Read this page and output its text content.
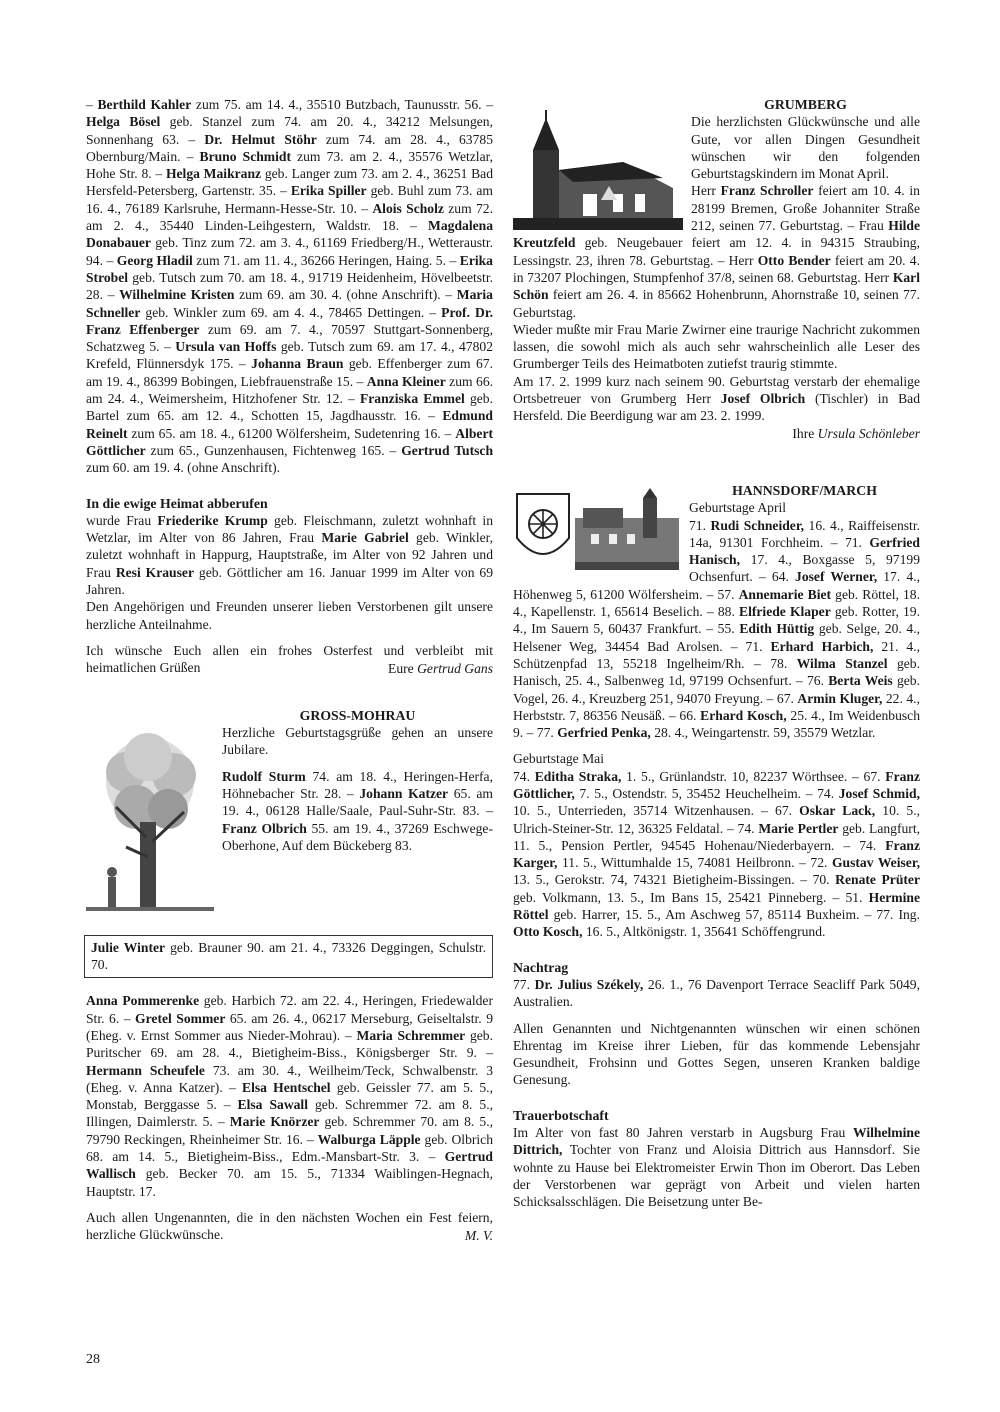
– Berthild Kahler zum 75. am 14. 4., 35510 Butzbach, Taunusstr. 56. – Helga Bösel geb. Stanzel zum 74. am 20. 4., 34212 Melsungen, Sonnenhang 63. – Dr. Helmut Stöhr zum 74. am 28. 4., 63785 Obernburg/Main. – Bruno Schmidt zum 73. am 2. 4., 35576 Wetzlar, Hohe Str. 8. – Helga Maikranz geb. Langer zum 73. am 2. 4., 36251 Bad Hersfeld-Petersberg, Gartenstr. 35. – Erika Spiller geb. Buhl zum 73. am 16. 4., 76189 Karlsruhe, Hermann-Hesse-Str. 10. – Alois Scholz zum 72. am 2. 4., 35440 Linden-Leihgestern, Waldstr. 18. – Magdalena Donabauer geb. Tinz zum 72. am 3. 4., 61169 Friedberg/H., Wetteraustr. 94. – Georg Hladil zum 71. am 11. 4., 36266 Heringen, Haing. 5. – Erika Strobel geb. Tutsch zum 70. am 18. 4., 91719 Heidenheim, Hövelbeetstr. 28. – Wilhelmine Kristen zum 69. am 30. 4. (ohne Anschrift). – Maria Schneller geb. Winkler zum 69. am 4. 4., 78465 Dettingen. – Prof. Dr. Franz Effenberger zum 69. am 7. 4., 70597 Stuttgart-Sonnenberg, Schatzweg 5. – Ursula van Hoffs geb. Tutsch zum 69. am 17. 4., 47802 Krefeld, Flünnersdyk 175. – Johanna Braun geb. Effenberger zum 67. am 19. 4., 86399 Bobingen, Liebfrauenstraße 15. – Anna Kleiner zum 66. am 24. 4., Weimersheim, Hitzhofener Str. 12. – Franziska Emmel geb. Bartel zum 65. am 12. 4., Schotten 15, Jagdhausstr. 16. – Edmund Reinelt zum 65. am 18. 4., 61200 Wölfersheim, Sudetenring 16. – Albert Göttlicher zum 65., Gunzenhausen, Fichtenweg 165. – Gertrud Tutsch zum 60. am 19. 4. (ohne Anschrift).

In die ewige Heimat abberufen

wurde Frau Friederike Krump geb. Fleischmann, zuletzt wohnhaft in Wetzlar, im Alter von 86 Jahren, Frau Marie Gabriel geb. Winkler, zuletzt wohnhaft in Happurg, Hauptstraße, im Alter von 92 Jahren und Frau Resi Krauser geb. Göttlicher am 16. Januar 1999 im Alter von 69 Jahren.

Den Angehörigen und Freunden unserer lieben Verstorbenen gilt unsere herzliche Anteilnahme.

Ich wünsche Euch allen ein frohes Osterfest und verbleibt mit heimatlichen Grüßen	Eure Gertrud Gans
GROSS-MOHRAU

Herzliche Geburtstagsgrüße gehen an unsere Jubilare.

Rudolf Sturm 74. am 18. 4., Heringen-Herfa, Höhnebacher Str. 28. – Johann Katzer 65. am 19. 4., 06128 Halle/Saale, Paul-Suhr-Str. 83. – Franz Olbrich 55. am 19. 4., 37269 Eschwege-Oberhone, Auf dem Bückeberg 83.

Julie Winter geb. Brauner 90. am 21. 4., 73326 Deggingen, Schulstr. 70.

Anna Pommerenke geb. Harbich 72. am 22. 4., Heringen, Friedewalder Str. 6. – Gretel Sommer 65. am 26. 4., 06217 Merseburg, Geiseltalstr. 9 (Eheg. v. Ernst Sommer aus Nieder-Mohrau). – Maria Schremmer geb. Puritscher 69. am 28. 4., Bietigheim-Biss., Königsberger Str. 9. – Hermann Scheufele 73. am 30. 4., Weilheim/Teck, Schwalbenstr. 3 (Eheg. v. Anna Katzer). – Elsa Hentschel geb. Geissler 77. am 5. 5., Monstab, Berggasse 5. – Elsa Sawall geb. Schremmer 72. am 8. 5., Illingen, Daimlerstr. 5. – Marie Knörzer geb. Schremmer 70. am 8. 5., 79790 Reckingen, Rheinheimer Str. 16. – Walburga Läpple geb. Olbrich 68. am 14. 5., Bietigheim-Biss., Edm.-Mansbart-Str. 3. – Gertrud Wallisch geb. Becker 70. am 15. 5., 71334 Waiblingen-Hegnach, Hauptstr. 17.

Auch allen Ungenannten, die in den nächsten Wochen ein Fest feiern, herzliche Glückwünsche.	M. V.
GRUMBERG

Die herzlichsten Glückwünsche und alle Gute, vor allen Dingen Gesundheit wünschen wir den folgenden Geburtstagskindern im Monat April.

Herr Franz Schroller feiert am 10. 4. in 28199 Bremen, Große Johanniter Straße 212, seinen 77. Geburtstag. – Frau Hilde Kreutzfeld geb. Neugebauer feiert am 12. 4. in 94315 Straubing, Lessingstr. 23, ihren 78. Geburtstag. – Herr Otto Bender feiert am 20. 4. in 73207 Plochingen, Stumpfenhof 37/8, seinen 68. Geburtstag. Herr Karl Schön feiert am 26. 4. in 85662 Hohenbrunn, Ahornstraße 10, seinen 77. Geburtstag.

Wieder mußte mir Frau Marie Zwirner eine traurige Nachricht zukommen lassen, die sowohl mich als auch sehr wahrscheinlich alle Leser des Grumberger Teils des Heimatboten zutiefst traurig stimmte.

Am 17. 2. 1999 kurz nach seinem 90. Geburtstag verstarb der ehemalige Ortsbetreuer von Grumberg Herr Josef Olbrich (Tischler) in Bad Hersfeld. Die Beerdigung war am 23. 2. 1999.

Ihre Ursula Schönleber
HANNSDORF/MARCH

Geburtstage April

71. Rudi Schneider, 16. 4., Raiffeisenstr. 14a, 91301 Forchheim. – 71. Gerfried Hanisch, 17. 4., Boxgasse 5, 97199 Ochsenfurt. – 64. Josef Werner, 17. 4., Höhenweg 5, 61200 Wölfersheim. – 57. Annemarie Biet geb. Röttel, 18. 4., Kapellenstr. 1, 65614 Beselich. – 88. Elfriede Klaper geb. Rotter, 19. 4., Im Sauern 5, 60437 Frankfurt. – 55. Edith Hüttig geb. Selge, 20. 4., Helsener Weg, 34454 Bad Arolsen. – 71. Erhard Harbich, 21. 4., Schützenpfad 13, 55218 Ingelheim/Rh. – 78. Wilma Stanzel geb. Hanisch, 25. 4., Salbenweg 1d, 97199 Ochsenfurt. – 76. Berta Weis geb. Vogel, 26. 4., Kreuzberg 251, 94070 Freyung. – 67. Armin Kluger, 22. 4., Herbststr. 7, 86356 Neusäß. – 66. Erhard Kosch, 25. 4., Im Weidenbusch 9. – 77. Gerfried Penka, 28. 4., Weingartenstr. 59, 35579 Wetzlar.

Geburtstage Mai

74. Editha Straka, 1. 5., Grünlandstr. 10, 82237 Wörthsee. – 67. Franz Göttlicher, 7. 5., Ostendstr. 5, 35452 Heuchelheim. – 74. Josef Schmid, 10. 5., Unterrieden, 35714 Witzenhausen. – 67. Oskar Lack, 10. 5., Ulrich-Steiner-Str. 12, 36325 Feldatal. – 74. Marie Pertler geb. Langfurt, 11. 5., Pension Pertler, 94545 Hohenau/Niederbayern. – 74. Franz Karger, 11. 5., Wittumhalde 15, 74081 Heilbronn. – 72. Gustav Weiser, 13. 5., Gerokstr. 74, 74321 Bietigheim-Bissingen. – 70. Renate Prüter geb. Volkmann, 13. 5., Im Bans 15, 25421 Pinneberg. – 51. Hermine Röttel geb. Harrer, 15. 5., Am Aschweg 57, 85114 Buxheim. – 77. Ing. Otto Kosch, 16. 5., Altkönigstr. 1, 35641 Schöffengrund.

Nachtrag

77. Dr. Julius Székely, 26. 1., 76 Davenport Terrace Seacliff Park 5049, Australien.

Allen Genannten und Nichtgenannten wünschen wir einen schönen Ehrentag im Kreise ihrer Lieben, für das kommende Lebensjahr Gesundheit, Frohsinn und Gottes Segen, unseren Kranken baldige Genesung.

Trauerbotschaft

Im Alter von fast 80 Jahren verstarb in Augsburg Frau Wilhelmine Dittrich, Tochter von Franz und Aloisia Dittrich aus Hannsdorf. Sie wohnte zu Hause bei Elektromeister Erwin Thon im Oberort. Das Leben der Verstorbenen war geprägt von Arbeit und vielen harten Schicksalsschlägen. Die Beisetzung unter Be-

28
